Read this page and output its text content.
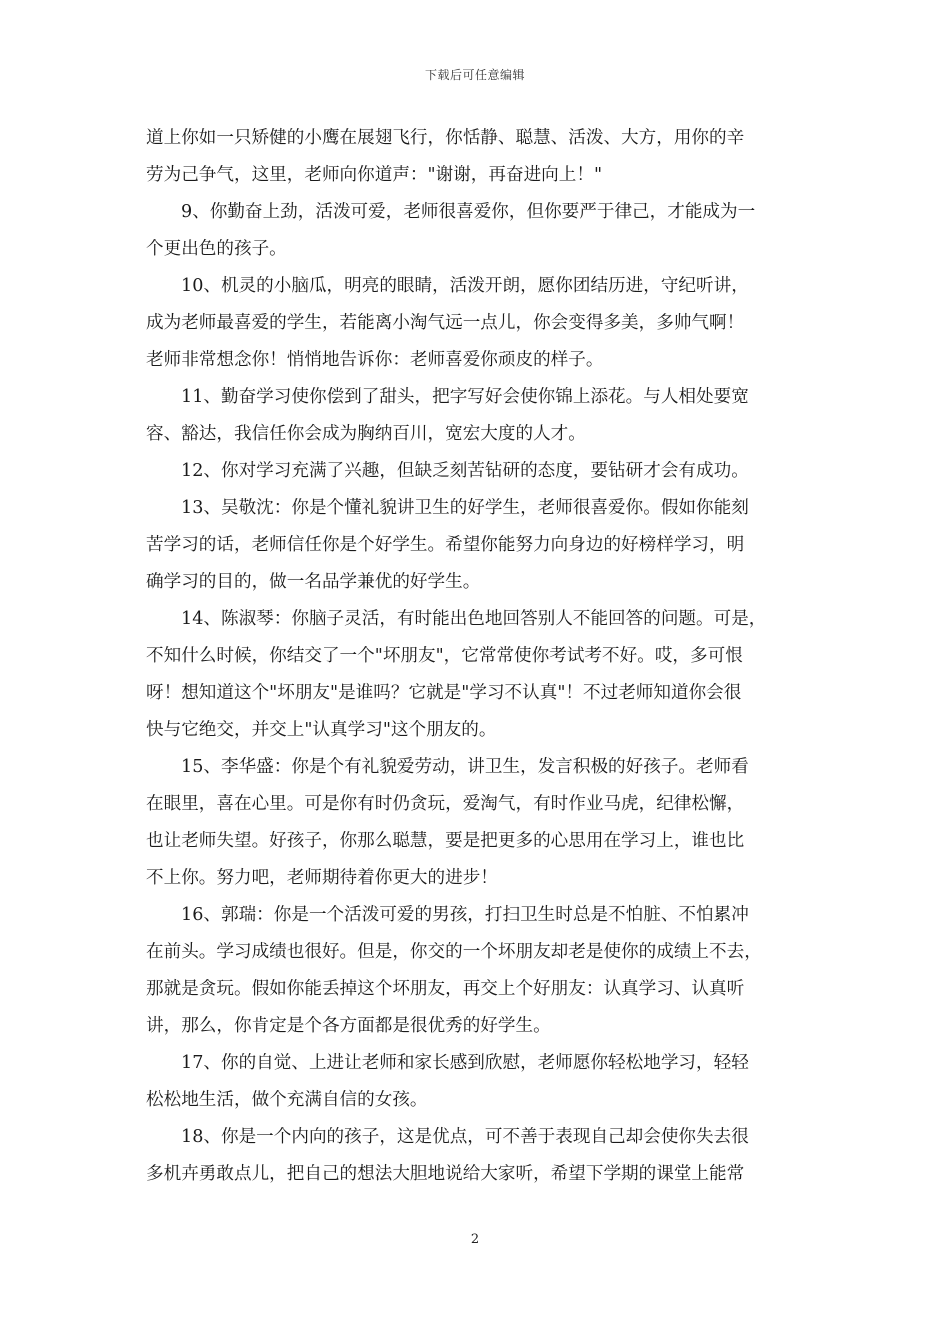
下载后可任意编辑
道上你如一只矫健的小鹰在展翅飞行，你恬静、聪慧、活泼、大方，用你的辛
劳为己争气，这里，老师向你道声："谢谢，再奋进向上！"
9、你勤奋上劲，活泼可爱，老师很喜爱你，但你要严于律己，才能成为一
个更出色的孩子。
10、机灵的小脑瓜，明亮的眼睛，活泼开朗，愿你团结历进，守纪听讲，
成为老师最喜爱的学生，若能离小淘气远一点儿，你会变得多美，多帅气啊！
老师非常想念你！悄悄地告诉你：老师喜爱你顽皮的样子。
11、勤奋学习使你偿到了甜头，把字写好会使你锦上添花。与人相处要宽
容、豁达，我信任你会成为胸纳百川，宽宏大度的人才。
12、你对学习充满了兴趣，但缺乏刻苦钻研的态度，要钻研才会有成功。
13、吴敬沈：你是个懂礼貌讲卫生的好学生，老师很喜爱你。假如你能刻
苦学习的话，老师信任你是个好学生。希望你能努力向身边的好榜样学习，明
确学习的目的，做一名品学兼优的好学生。
14、陈淑琴：你脑子灵活，有时能出色地回答别人不能回答的问题。可是，
不知什么时候，你结交了一个"坏朋友"，它常常使你考试考不好。哎，多可恨
呀！想知道这个"坏朋友"是谁吗？它就是"学习不认真"！不过老师知道你会很
快与它绝交，并交上"认真学习"这个朋友的。
15、李华盛：你是个有礼貌爱劳动，讲卫生，发言积极的好孩子。老师看
在眼里，喜在心里。可是你有时仍贪玩，爱淘气，有时作业马虎，纪律松懈，
也让老师失望。好孩子，你那么聪慧，要是把更多的心思用在学习上，谁也比
不上你。努力吧，老师期待着你更大的进步！
16、郭瑞：你是一个活泼可爱的男孩，打扫卫生时总是不怕脏、不怕累冲
在前头。学习成绩也很好。但是，你交的一个坏朋友却老是使你的成绩上不去，
那就是贪玩。假如你能丢掉这个坏朋友，再交上个好朋友：认真学习、认真听
讲，那么，你肯定是个各方面都是很优秀的好学生。
17、你的自觉、上进让老师和家长感到欣慰，老师愿你轻松地学习，轻轻
松松地生活，做个充满自信的女孩。
18、你是一个内向的孩子，这是优点，可不善于表现自己却会使你失去很
多机卉勇敢点儿，把自己的想法大胆地说给大家听，希望下学期的课堂上能常
2
